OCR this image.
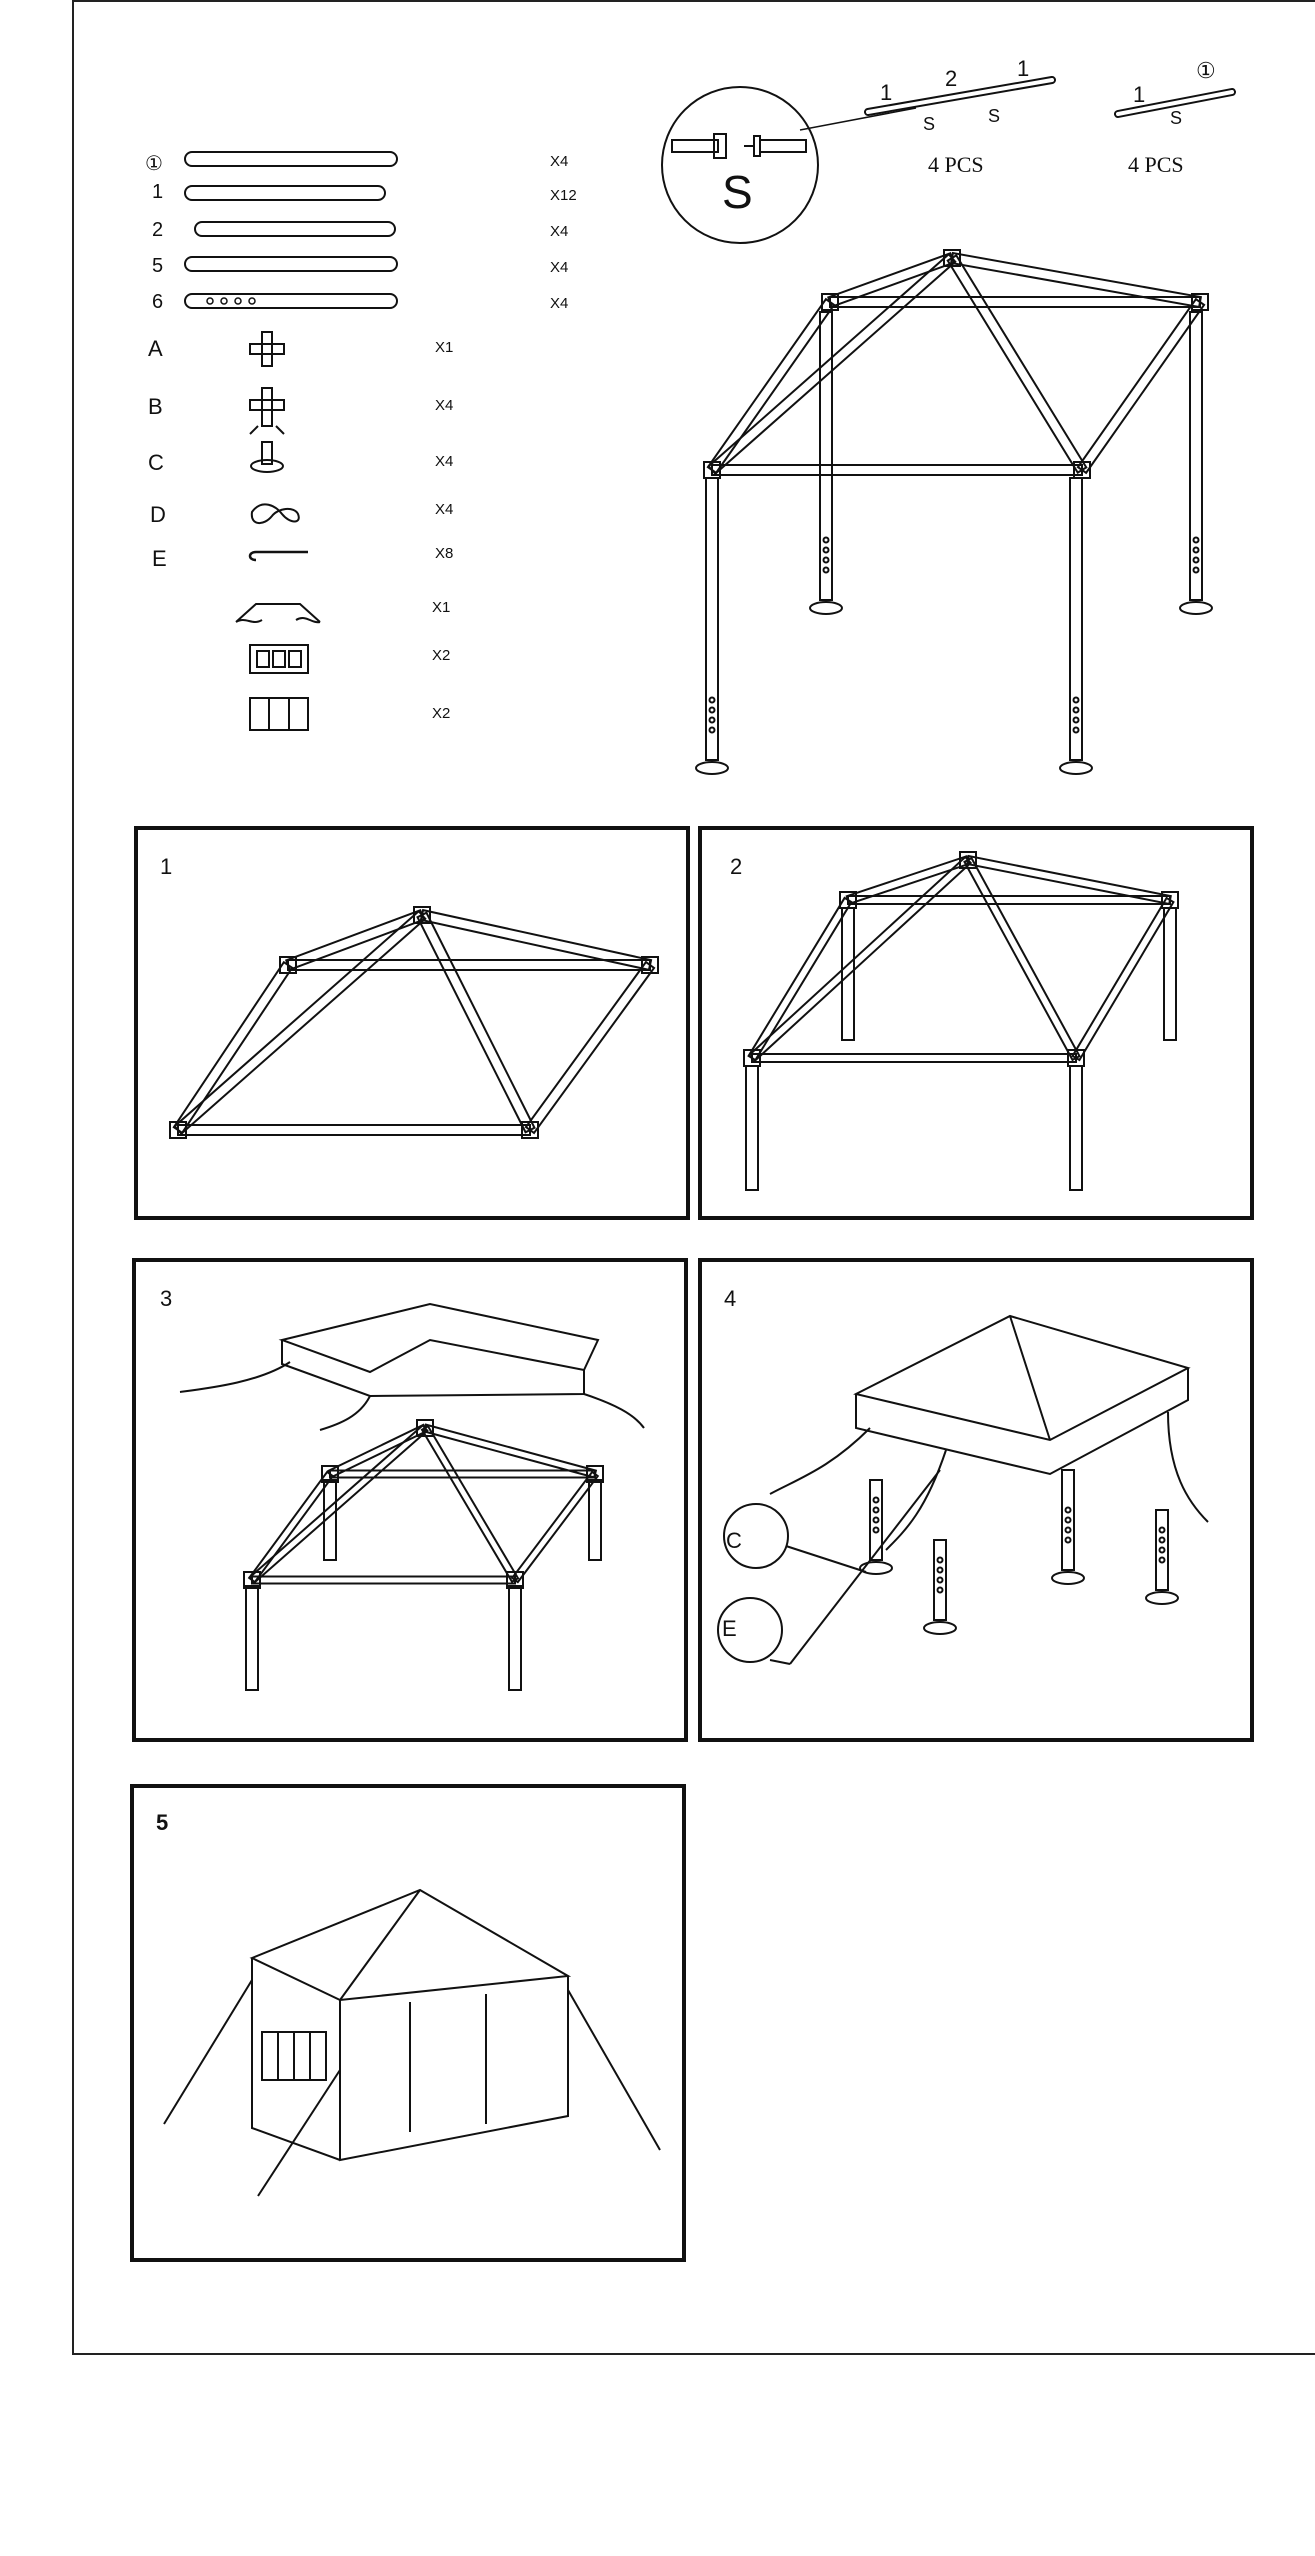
①	X4
1	X12
2	X4
5	X4
6	X4
A	X1
B	X4
C	X4
D	X4
E	X8
X1
X2
X2
S
1
S
2
S
1
4 PCS
1
S
①
4 PCS
1	2
3	4
C
E
5
